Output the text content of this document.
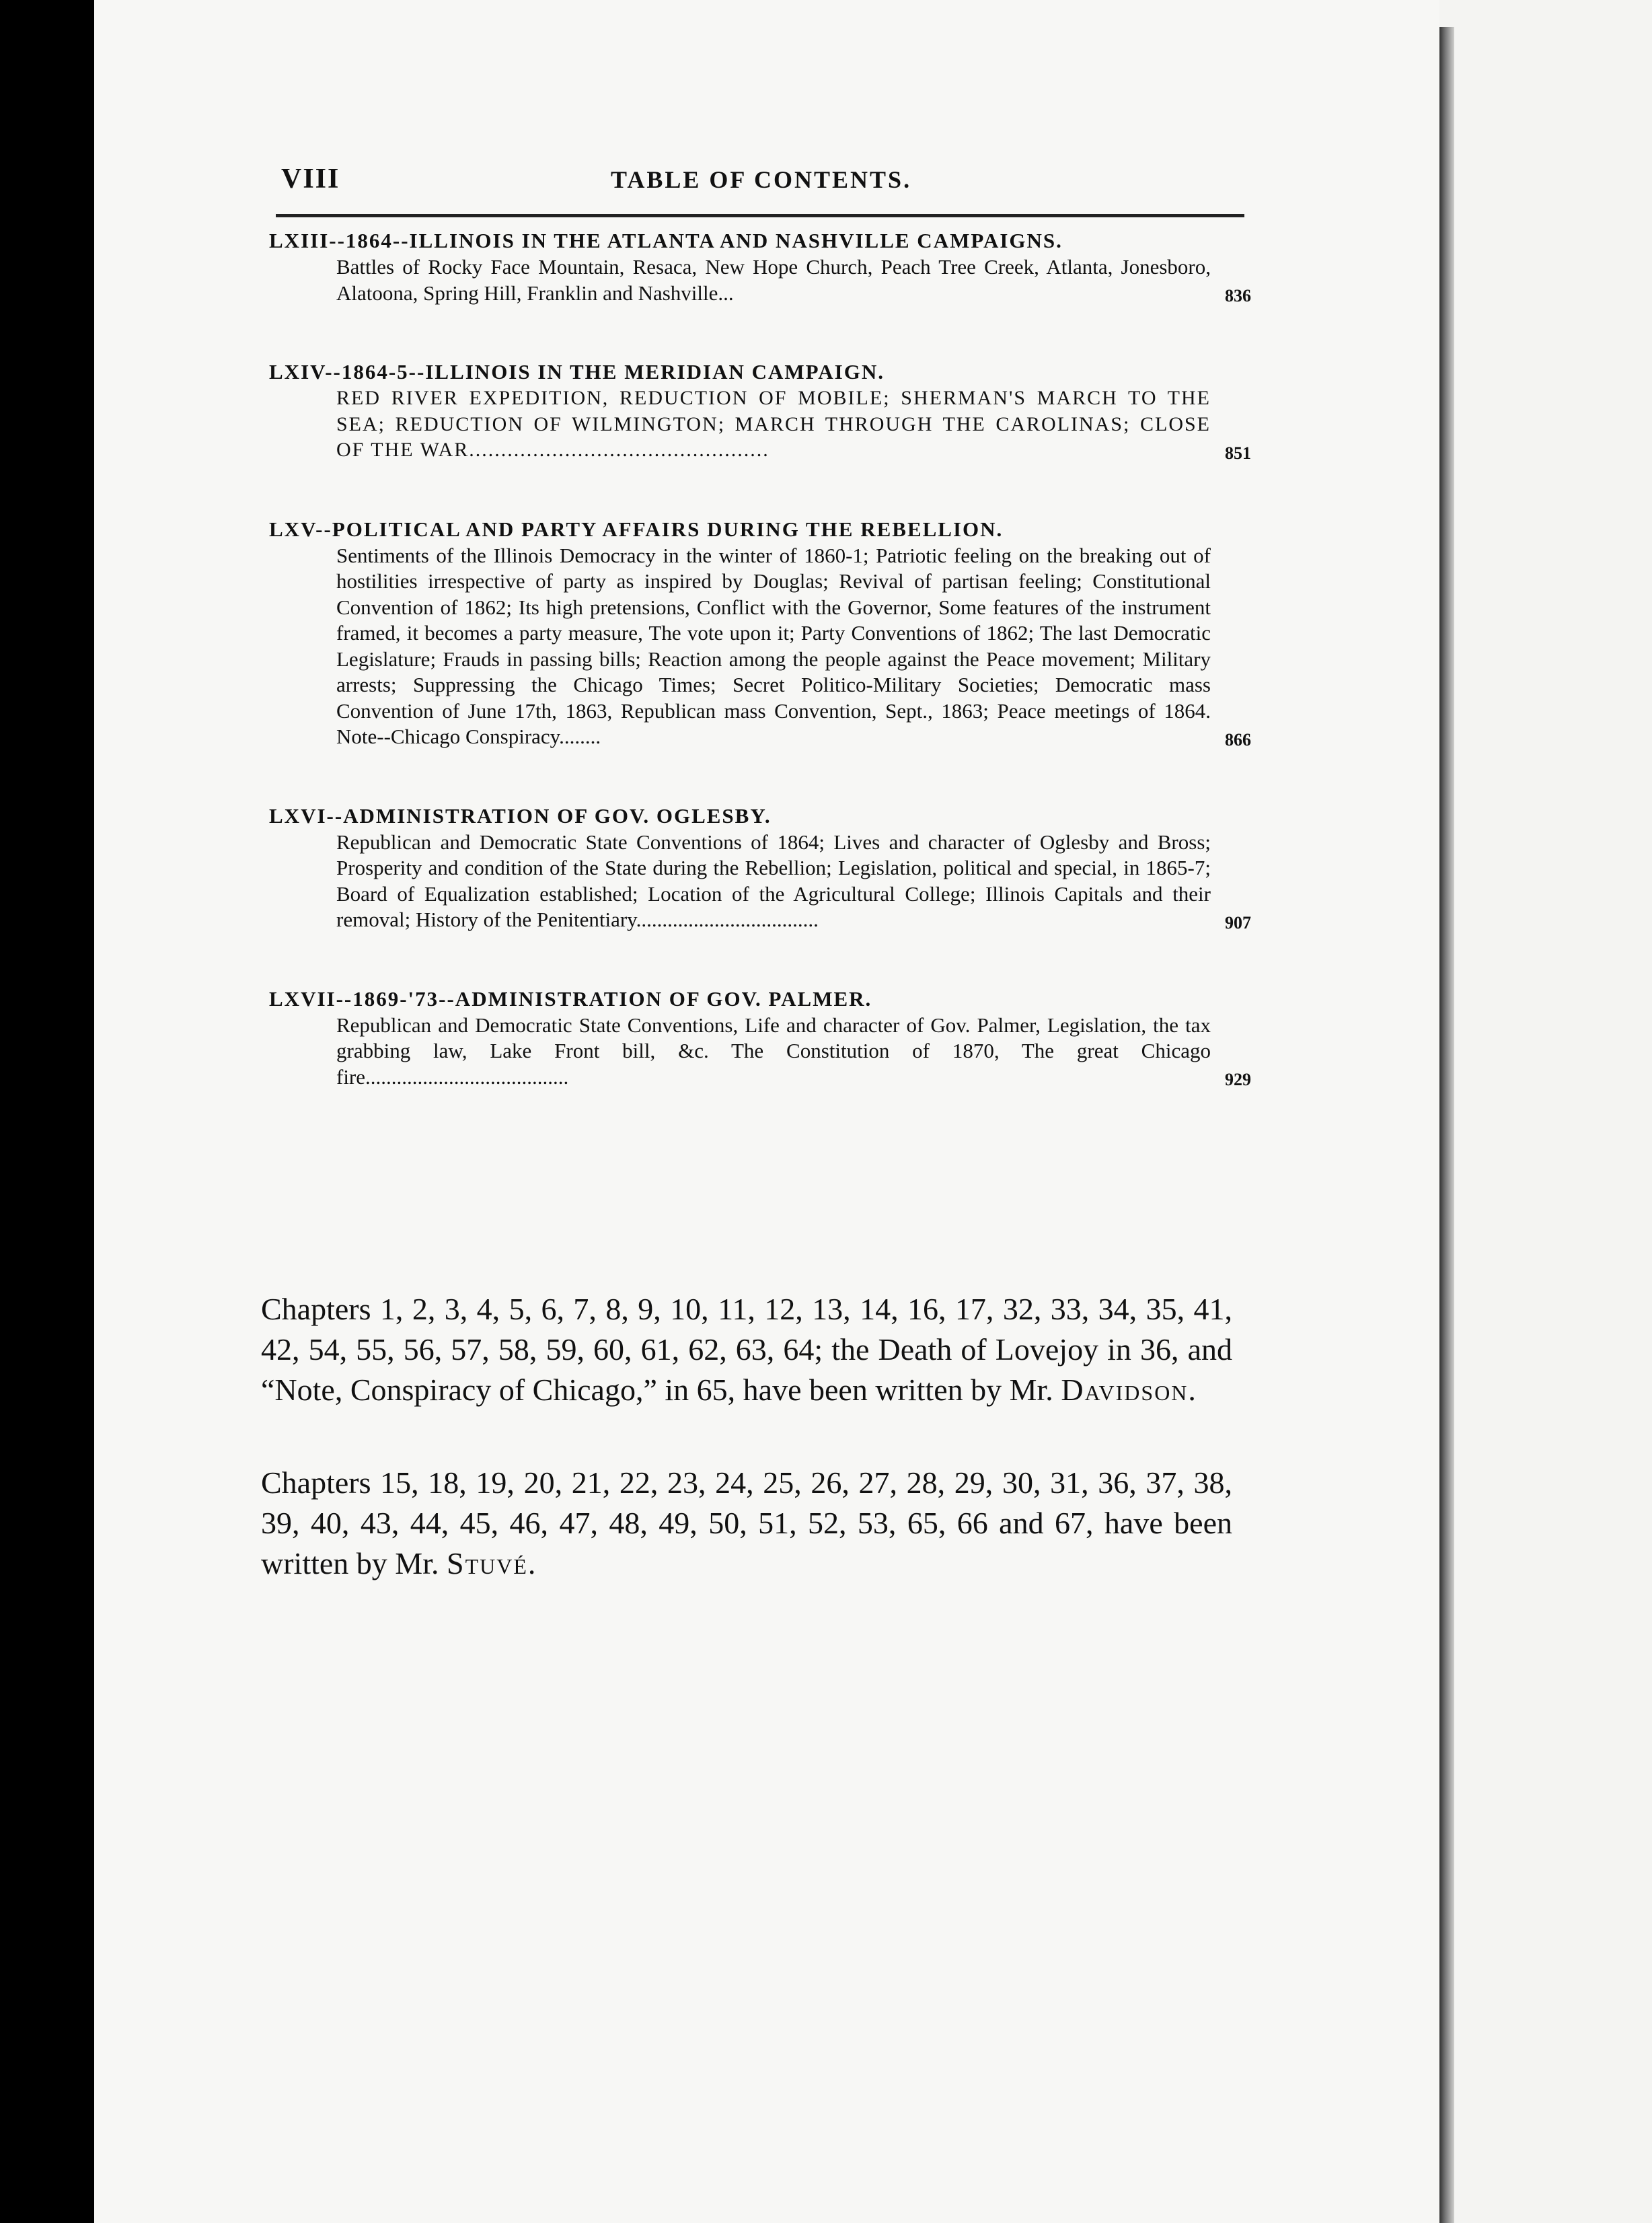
VIII	TABLE OF CONTENTS.
LXIII--1864--ILLINOIS IN THE ATLANTA AND NASHVILLE CAMPAIGNS.
Battles of Rocky Face Mountain, Resaca, New Hope Church, Peach Tree Creek, Atlanta, Jonesboro, Alatoona, Spring Hill, Franklin and Nashville...	836
LXIV--1864-5--ILLINOIS IN THE MERIDIAN CAMPAIGN.
RED RIVER EXPEDITION, REDUCTION OF MOBILE; SHERMAN'S MARCH TO THE SEA; REDUCTION OF WILMINGTON; MARCH THROUGH THE CAROLINAS; CLOSE OF THE WAR...............................................	851
LXV--POLITICAL AND PARTY AFFAIRS DURING THE REBELLION.
Sentiments of the Illinois Democracy in the winter of 1860-1; Patriotic feeling on the breaking out of hostilities irrespective of party as inspired by Douglas; Revival of partisan feeling; Constitutional Convention of 1862; Its high pretensions, Conflict with the Governor, Some features of the instrument framed, it becomes a party measure, The vote upon it; Party Conventions of 1862; The last Democratic Legislature; Frauds in passing bills; Reaction among the people against the Peace movement; Military arrests; Suppressing the Chicago Times; Secret Politico-Military Societies; Democratic mass Convention of June 17th, 1863, Republican mass Convention, Sept., 1863; Peace meetings of 1864. Note--Chicago Conspiracy........	866
LXVI--ADMINISTRATION OF GOV. OGLESBY.
Republican and Democratic State Conventions of 1864; Lives and character of Oglesby and Bross; Prosperity and condition of the State during the Rebellion; Legislation, political and special, in 1865-7; Board of Equalization established; Location of the Agricultural College; Illinois Capitals and their removal; History of the Penitentiary...................................	907
LXVII--1869-'73--ADMINISTRATION OF GOV. PALMER.
Republican and Democratic State Conventions, Life and character of Gov. Palmer, Legislation, the tax grabbing law, Lake Front bill, &c. The Constitution of 1870, The great Chicago fire.......................................	929

Chapters 1, 2, 3, 4, 5, 6, 7, 8, 9, 10, 11, 12, 13, 14, 16, 17, 32, 33, 34, 35, 41, 42, 54, 55, 56, 57, 58, 59, 60, 61, 62, 63, 64; the Death of Lovejoy in 36, and “Note, Conspiracy of Chicago,” in 65, have been written by Mr. Davidson.

Chapters 15, 18, 19, 20, 21, 22, 23, 24, 25, 26, 27, 28, 29, 30, 31, 36, 37, 38, 39, 40, 43, 44, 45, 46, 47, 48, 49, 50, 51, 52, 53, 65, 66 and 67, have been written by Mr. Stuvé.
